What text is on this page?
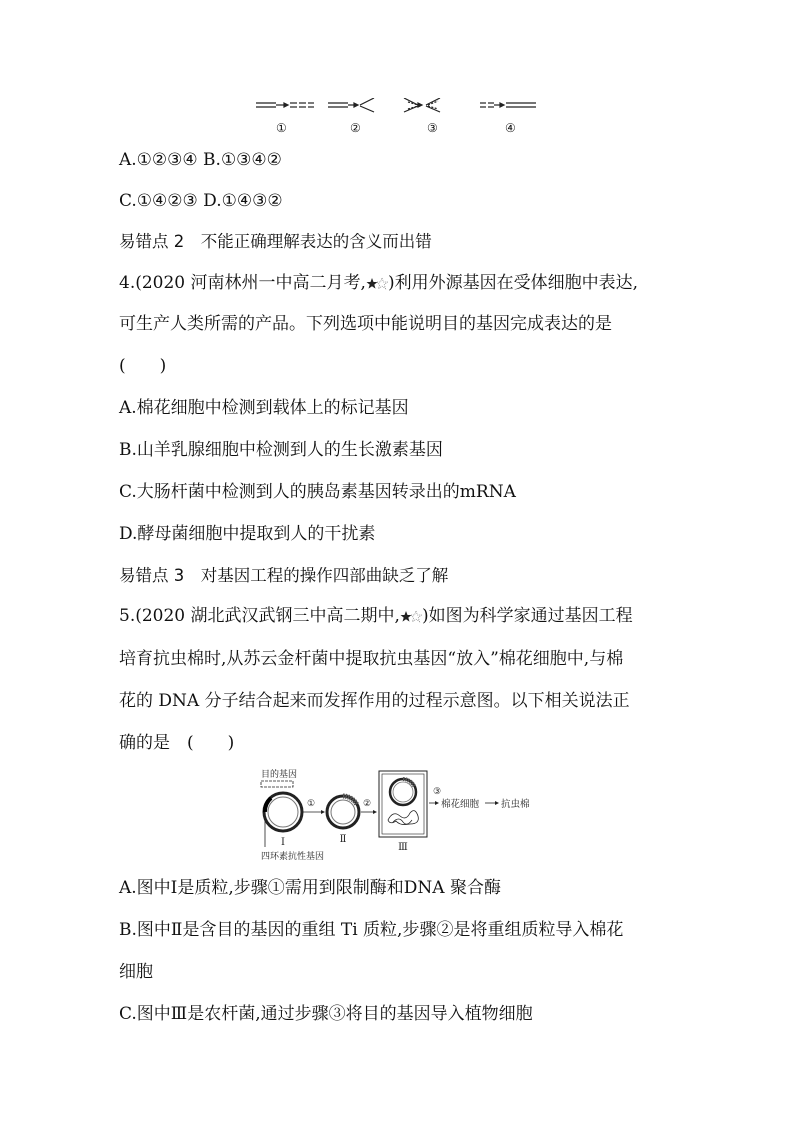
①	②	③	④
A.①②③④ B.①③④②
C.①④②③ D.①④③②
易错点 2　不能正确理解表达的含义而出错
4.(2020 河南林州一中高二月考, )利用外源基因在受体细胞中表达,
可生产人类所需的产品。下列选项中能说明目的基因完成表达的是
(　　)
A.棉花细胞中检测到载体上的标记基因
B.山羊乳腺细胞中检测到人的生长激素基因
C.大肠杆菌中检测到人的胰岛素基因转录出的mRNA
D.酵母菌细胞中提取到人的干扰素
易错点 3　对基因工程的操作四部曲缺乏了解
5.(2020 湖北武汉武钢三中高二期中, )如图为科学家通过基因工程
培育抗虫棉时,从苏云金杆菌中提取抗虫基因“放入”棉花细胞中,与棉
花的 DNA 分子结合起来而发挥作用的过程示意图。以下相关说法正
确的是　(　　)
目的基因
四环素抗性基因
Ⅰ
①
Ⅱ
②
Ⅲ
③
棉花细胞 抗虫棉
A.图中Ⅰ是质粒,步骤①需用到限制酶和DNA 聚合酶
B.图中Ⅱ是含目的基因的重组 Ti 质粒,步骤②是将重组质粒导入棉花
细胞
C.图中Ⅲ是农杆菌,通过步骤③将目的基因导入植物细胞
